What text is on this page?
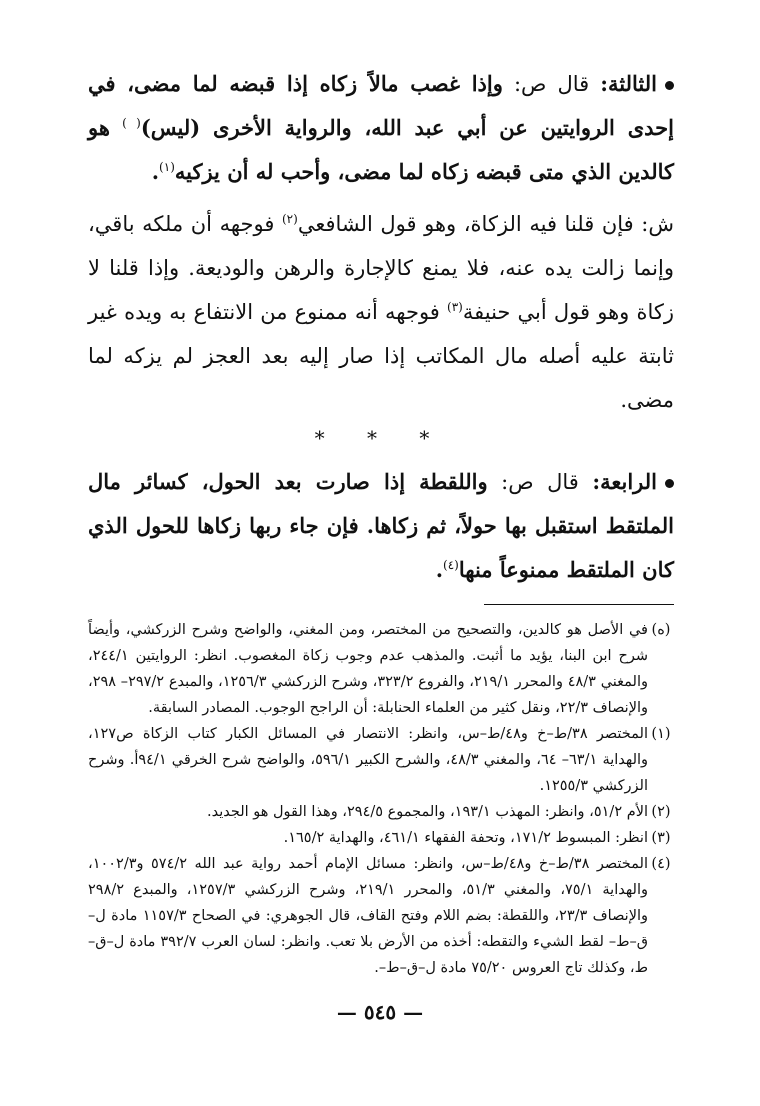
الثالثة: قال ص: وإذا غصب مالاً زكاه إذا قبضه لما مضى، في إحدى الروايتين عن أبي عبد الله، والرواية الأخرى (ليس)( ) هو كالدين الذي متى قبضه زكاه لما مضى، وأحب له أن يزكيه$^{(١)}$.

ش: فإن قلنا فيه الزكاة، وهو قول الشافعي$^{(٢)}$ فوجهه أن ملكه باقي، وإنما زالت يده عنه، فلا يمنع كالإجارة والرهن والوديعة. وإذا قلنا لا زكاة وهو قول أبي حنيفة$^{(٣)}$ فوجهه أنه ممنوع من الانتفاع به ويده غير ثابتة عليه أصله مال المكاتب إذا صار إليه بعد العجز لم يزكه لما مضى.

* * *

الرابعة: قال ص: واللقطة إذا صارت بعد الحول، كسائر مال الملتقط استقبل بها حولاً، ثم زكاها. فإن جاء ربها زكاها للحول الذي كان الملتقط ممنوعاً منها$^{(٤)}$.

(ه)
في الأصل هو كالدين، والتصحيح من المختصر، ومن المغني، والواضح وشرح الزركشي، وأيضاً شرح ابن البنا، يؤيد ما أثبت. والمذهب عدم وجوب زكاة المغصوب. انظر: الروايتين ٢٤٤/١، والمغني ٤٨/٣ والمحرر ٢١٩/١، والفروع ٣٢٣/٢، وشرح الزركشي ١٢٥٦/٣، والمبدع ٢٩٧/٢– ٢٩٨، والإنصاف ٢٢/٣، ونقل كثير من العلماء الحنابلة: أن الراجح الوجوب. المصادر السابقة.

(١)
المختصر ٣٨/ط–خ و٤٨/ط–س، وانظر: الانتصار في المسائل الكبار كتاب الزكاة ص١٢٧، والهداية ٦٣/١– ٦٤، والمغني ٤٨/٣، والشرح الكبير ٥٩٦/١، والواضح شرح الخرقي ٩٤/١أ. وشرح الزركشي ١٢٥٥/٣.

(٢)
الأم ٥١/٢، وانظر: المهذب ١٩٣/١، والمجموع ٢٩٤/٥، وهذا القول هو الجديد.

(٣)
انظر: المبسوط ١٧١/٢، وتحفة الفقهاء ٤٦١/١، والهداية ١٦٥/٢.

(٤)
المختصر ٣٨/ط–خ و٤٨/ط–س، وانظر: مسائل الإمام أحمد رواية عبد الله ٥٧٤/٢ و١٠٠٢/٣، والهداية ٧٥/١، والمغني ٥١/٣، والمحرر ٢١٩/١، وشرح الزركشي ١٢٥٧/٣، والمبدع ٢٩٨/٢ والإنصاف ٢٣/٣، واللقطة: بضم اللام وفتح القاف، قال الجوهري: في الصحاح ١١٥٧/٣ مادة ل–ق–ط– لقط الشيء والتقطه: أخذه من الأرض بلا تعب. وانظر: لسان العرب ٣٩٢/٧ مادة ل–ق–ط، وكذلك تاج العروس ٧٥/٢٠ مادة ل–ق–ط–.

— ٥٤٥ —
